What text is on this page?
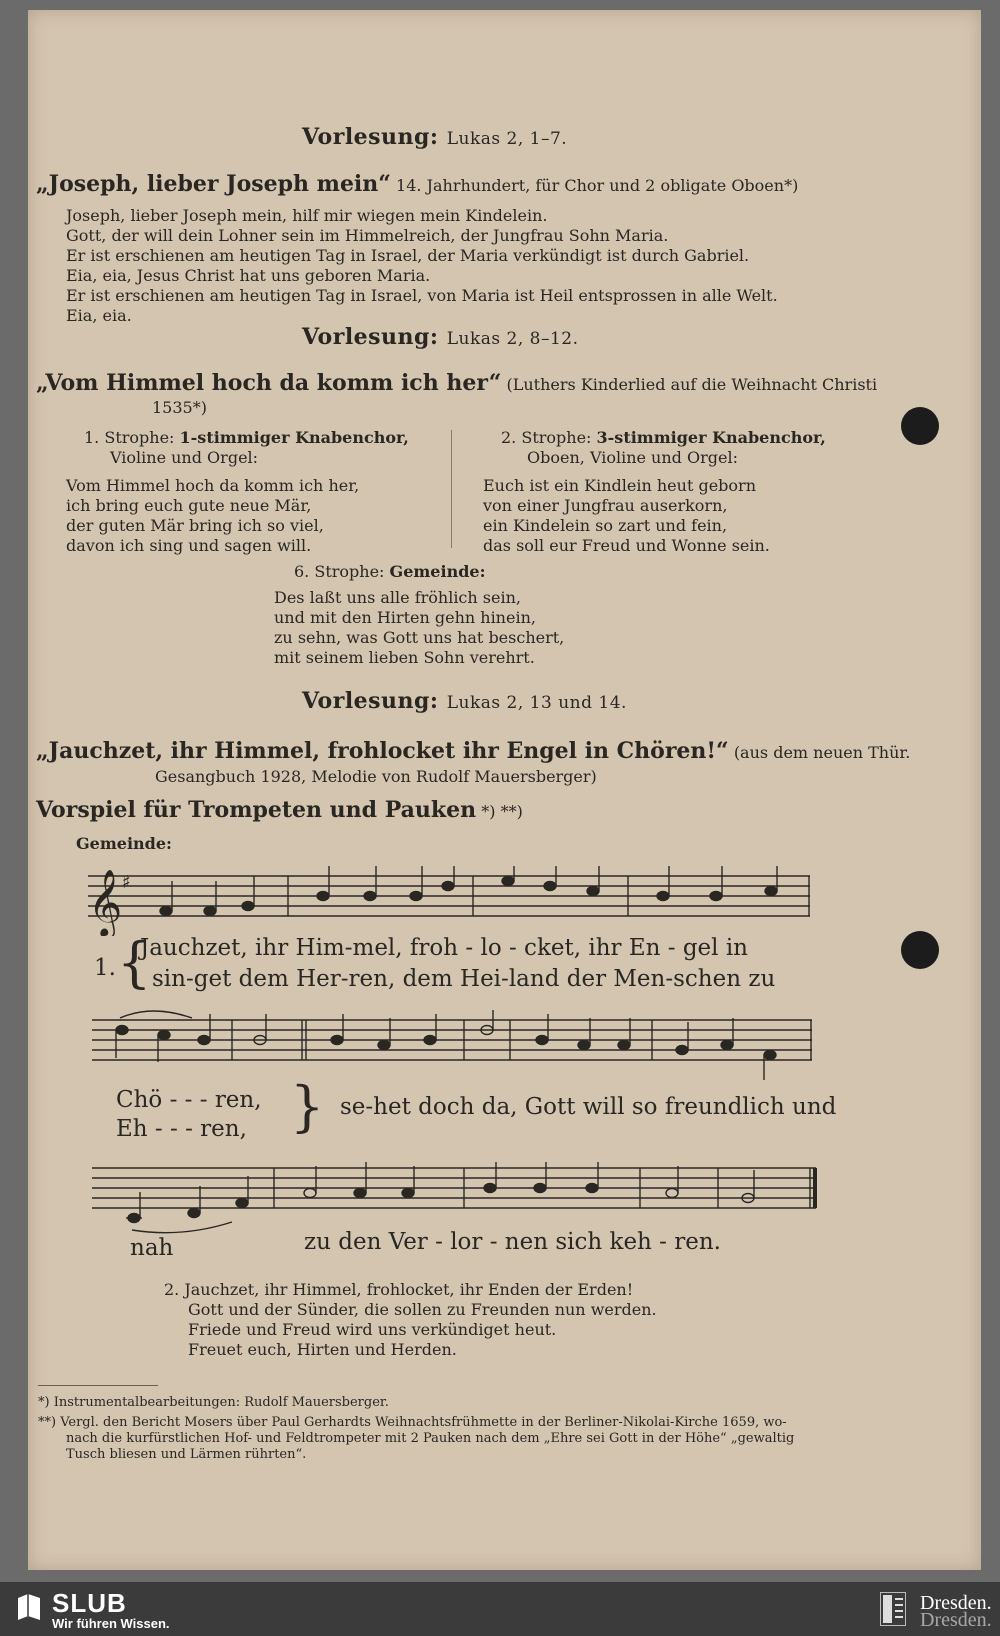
Vorlesung: Lukas 2, 1–7.
„Joseph, lieber Joseph mein“ 14. Jahrhundert, für Chor und 2 obligate Oboen*)
Joseph, lieber Joseph mein, hilf mir wiegen mein Kindelein.
Gott, der will dein Lohner sein im Himmelreich, der Jungfrau Sohn Maria.
Er ist erschienen am heutigen Tag in Israel, der Maria verkündigt ist durch Gabriel.
Eia, eia, Jesus Christ hat uns geboren Maria.
Er ist erschienen am heutigen Tag in Israel, von Maria ist Heil entsprossen in alle Welt.
Eia, eia.
Vorlesung: Lukas 2, 8–12.
„Vom Himmel hoch da komm ich her“ (Luthers Kinderlied auf die Weihnacht Christi
1535*)
1. Strophe: 1-stimmiger Knabenchor,
Violine und Orgel:
Vom Himmel hoch da komm ich her,
ich bring euch gute neue Mär,
der guten Mär bring ich so viel,
davon ich sing und sagen will.
2. Strophe: 3-stimmiger Knabenchor,
Oboen, Violine und Orgel:
Euch ist ein Kindlein heut geborn
von einer Jungfrau auserkorn,
ein Kindelein so zart und fein,
das soll eur Freud und Wonne sein.
6. Strophe: Gemeinde:
Des laßt uns alle fröhlich sein,
und mit den Hirten gehn hinein,
zu sehn, was Gott uns hat beschert,
mit seinem lieben Sohn verehrt.
Vorlesung: Lukas 2, 13 und 14.
„Jauchzet, ihr Himmel, frohlocket ihr Engel in Chören!“ (aus dem neuen Thür.
Gesangbuch 1928, Melodie von Rudolf Mauersberger)
Vorspiel für Trompeten und Pauken *) **)
Gemeinde:
𝄞 ♯
1. {
Jauchzet, ihr Him-mel, froh - lo - cket, ihr En - gel in
sin-get dem Her-ren, dem Hei-land der Men-schen zu
Chö - - - ren,
Eh - - - ren, } se-het doch da, Gott will so freundlich und
nah	zu den Ver - lor - nen sich keh - ren.
2. Jauchzet, ihr Himmel, frohlocket, ihr Enden der Erden!
Gott und der Sünder, die sollen zu Freunden nun werden.
Friede und Freud wird uns verkündiget heut.
Freuet euch, Hirten und Herden.
*) Instrumentalbearbeitungen: Rudolf Mauersberger.
**) Vergl. den Bericht Mosers über Paul Gerhardts Weihnachtsfrühmette in der Berliner-Nikolai-Kirche 1659, wo-
nach die kurfürstlichen Hof- und Feldtrompeter mit 2 Pauken nach dem „Ehre sei Gott in der Höhe“ „gewaltig
Tusch bliesen und Lärmen rührten“.
SLUB
Wir führen Wissen.
Dresden.
Dresden.
